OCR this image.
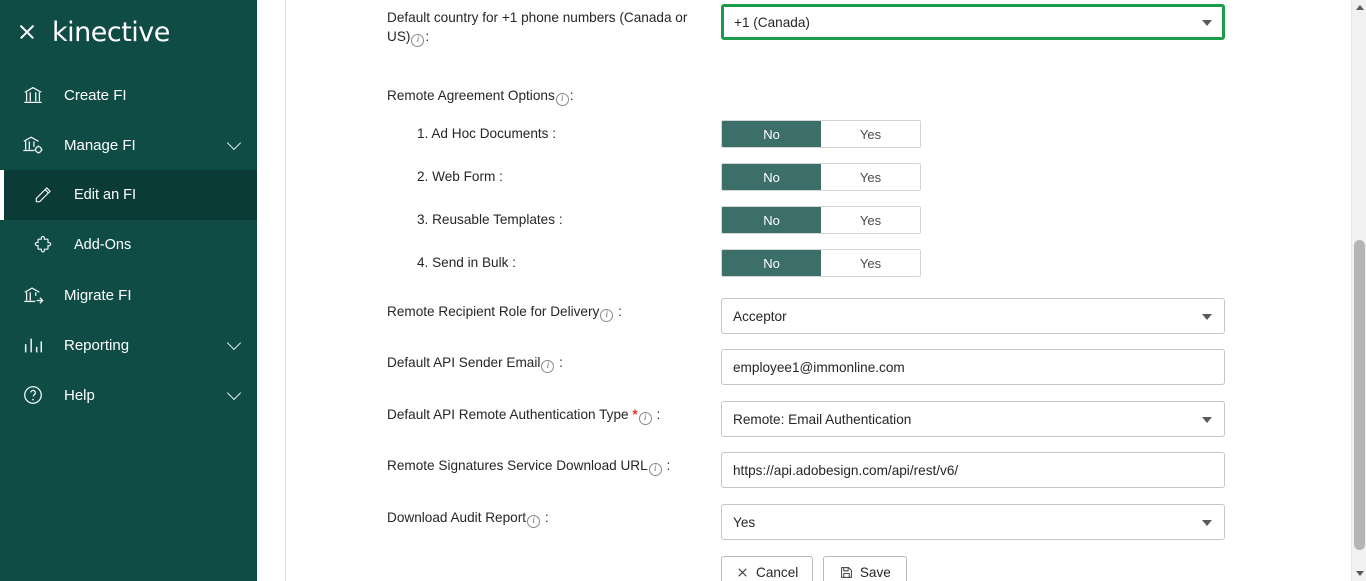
kinective
Create FI
Manage FI
Edit an FI
Add-Ons
Migrate FI
Reporting
Help
Default country for +1 phone numbers (Canada or US) i :
+1 (Canada)
Remote Agreement Options i :
1. Ad Hoc Documents :	No	Yes
2. Web Form :	No	Yes
3. Reusable Templates :	No	Yes
4. Send in Bulk :	No	Yes
Remote Recipient Role for Delivery i :	Acceptor
Default API Sender Email i :	employee1@immonline.com
Default API Remote Authentication Type * i :	Remote: Email Authentication
Remote Signatures Service Download URL i :	https://api.adobesign.com/api/rest/v6/
Download Audit Report i :	Yes
Cancel	Save
